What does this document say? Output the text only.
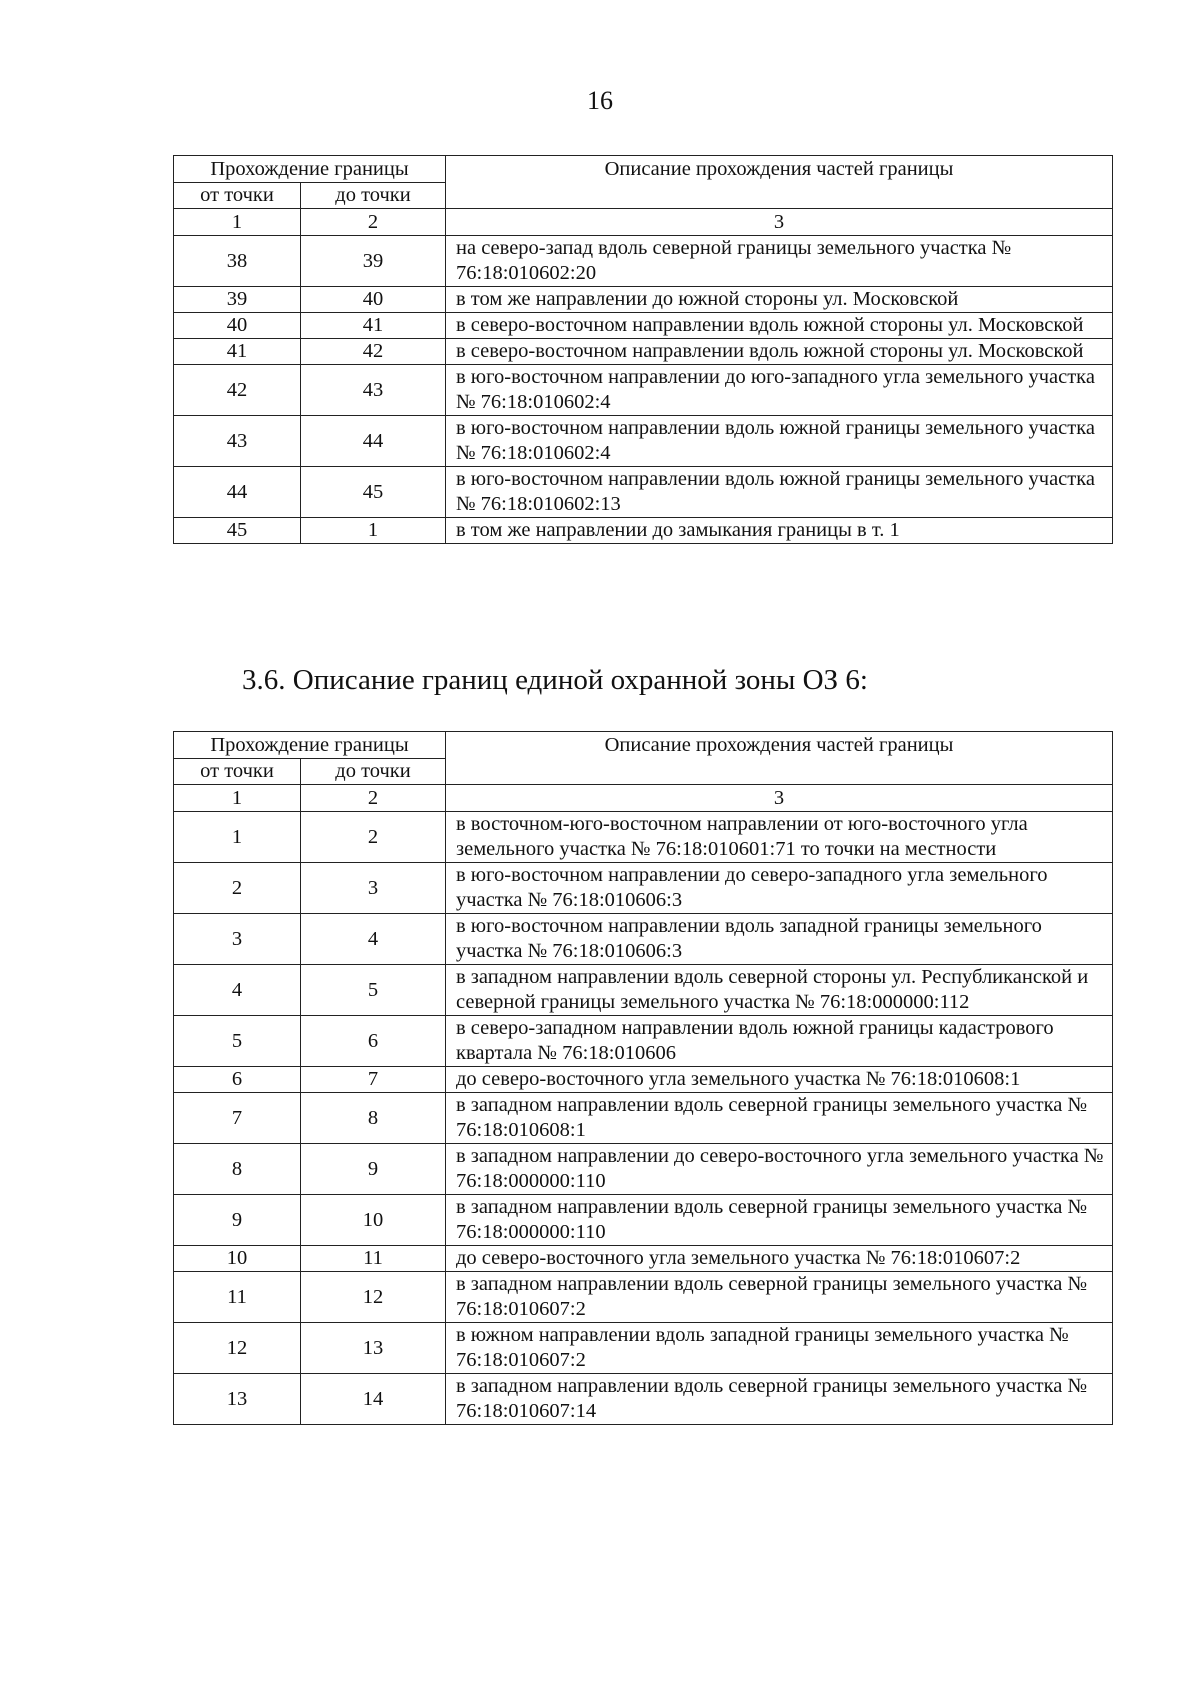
16
Прохождение границы		Описание прохождения частей границы
от точки	до точки	
1	2	3
38	39	на северо-запад вдоль северной границы земельного участка № 76:18:010602:20
39	40	в том же направлении до южной стороны ул. Московской
40	41	в северо-восточном направлении вдоль южной стороны ул. Московской
41	42	в северо-восточном направлении вдоль южной стороны ул. Московской
42	43	в юго-восточном направлении до юго-западного угла земельного участка № 76:18:010602:4
43	44	в юго-восточном направлении вдоль южной границы земельного участка № 76:18:010602:4
44	45	в юго-восточном направлении вдоль южной границы земельного участка № 76:18:010602:13
45	1	в том же направлении до замыкания границы в т. 1
3.6. Описание границ единой охранной зоны ОЗ 6:
Прохождение границы		Описание прохождения частей границы
от точки	до точки	
1	2	3
1	2	в восточном-юго-восточном направлении от юго-восточного угла земельного участка № 76:18:010601:71 то точки на местности
2	3	в юго-восточном направлении до северо-западного угла земельного участка № 76:18:010606:3
3	4	в юго-восточном направлении вдоль западной границы земельного участка № 76:18:010606:3
4	5	в западном направлении вдоль северной стороны ул. Республиканской и северной границы земельного участка № 76:18:000000:112
5	6	в северо-западном направлении вдоль южной границы кадастрового квартала № 76:18:010606
6	7	до северо-восточного угла земельного участка № 76:18:010608:1
7	8	в западном направлении вдоль северной границы земельного участка № 76:18:010608:1
8	9	в западном направлении до северо-восточного угла земельного участка № 76:18:000000:110
9	10	в западном направлении вдоль северной границы земельного участка № 76:18:000000:110
10	11	до северо-восточного угла земельного участка № 76:18:010607:2
11	12	в западном направлении вдоль северной границы земельного участка № 76:18:010607:2
12	13	в южном направлении вдоль западной границы земельного участка № 76:18:010607:2
13	14	в западном направлении вдоль северной границы земельного участка № 76:18:010607:14
